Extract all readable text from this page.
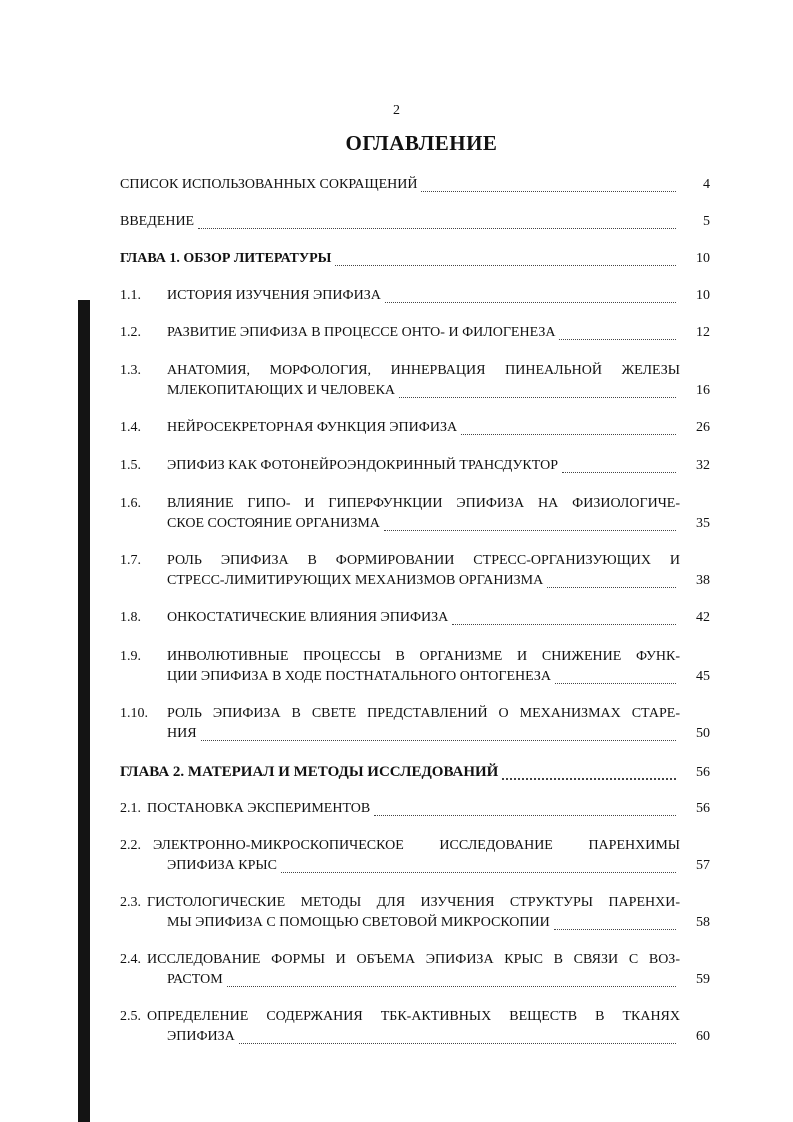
2
ОГЛАВЛЕНИЕ
СПИСОК ИСПОЛЬЗОВАННЫХ СОКРАЩЕНИЙ	4
ВВЕДЕНИЕ	5
ГЛАВА 1. ОБЗОР ЛИТЕРАТУРЫ	10
1.1.	ИСТОРИЯ ИЗУЧЕНИЯ ЭПИФИЗА	10
1.2.	РАЗВИТИЕ ЭПИФИЗА В ПРОЦЕССЕ ОНТО- И ФИЛОГЕНЕЗА	12
1.3.	АНАТОМИЯ, МОРФОЛОГИЯ, ИННЕРВАЦИЯ ПИНЕАЛЬНОЙ ЖЕЛЕЗЫ
МЛЕКОПИТАЮЩИХ И ЧЕЛОВЕКА	16
1.4.	НЕЙРОСЕКРЕТОРНАЯ ФУНКЦИЯ ЭПИФИЗА	26
1.5.	ЭПИФИЗ КАК ФОТОНЕЙРОЭНДОКРИННЫЙ ТРАНСДУКТОР	32
1.6.	ВЛИЯНИЕ ГИПО- И ГИПЕРФУНКЦИИ ЭПИФИЗА НА ФИЗИОЛОГИЧЕ-
СКОЕ СОСТОЯНИЕ ОРГАНИЗМА	35
1.7.	РОЛЬ ЭПИФИЗА В ФОРМИРОВАНИИ СТРЕСС-ОРГАНИЗУЮЩИХ И
СТРЕСС-ЛИМИТИРУЮЩИХ МЕХАНИЗМОВ ОРГАНИЗМА	38
1.8.	ОНКОСТАТИЧЕСКИЕ ВЛИЯНИЯ ЭПИФИЗА	42
1.9.	ИНВОЛЮТИВНЫЕ ПРОЦЕССЫ В ОРГАНИЗМЕ И СНИЖЕНИЕ ФУНК-
ЦИИ ЭПИФИЗА В ХОДЕ ПОСТНАТАЛЬНОГО ОНТОГЕНЕЗА	45
1.10.	РОЛЬ ЭПИФИЗА В СВЕТЕ ПРЕДСТАВЛЕНИЙ О МЕХАНИЗМАХ СТАРЕ-
НИЯ	50
ГЛАВА 2. МАТЕРИАЛ И МЕТОДЫ ИССЛЕДОВАНИЙ	56
2.1. ПОСТАНОВКА ЭКСПЕРИМЕНТОВ	56
2.2. ЭЛЕКТРОННО-МИКРОСКОПИЧЕСКОЕ ИССЛЕДОВАНИЕ ПАРЕНХИМЫ
ЭПИФИЗА КРЫС	57
2.3. ГИСТОЛОГИЧЕСКИЕ МЕТОДЫ ДЛЯ ИЗУЧЕНИЯ СТРУКТУРЫ ПАРЕНХИ-
МЫ ЭПИФИЗА С ПОМОЩЬЮ СВЕТОВОЙ МИКРОСКОПИИ	58
2.4. ИССЛЕДОВАНИЕ ФОРМЫ И ОБЪЕМА ЭПИФИЗА КРЫС В СВЯЗИ С ВОЗ-
РАСТОМ	59
2.5. ОПРЕДЕЛЕНИЕ СОДЕРЖАНИЯ ТБК-АКТИВНЫХ ВЕЩЕСТВ В ТКАНЯХ
ЭПИФИЗА	60
